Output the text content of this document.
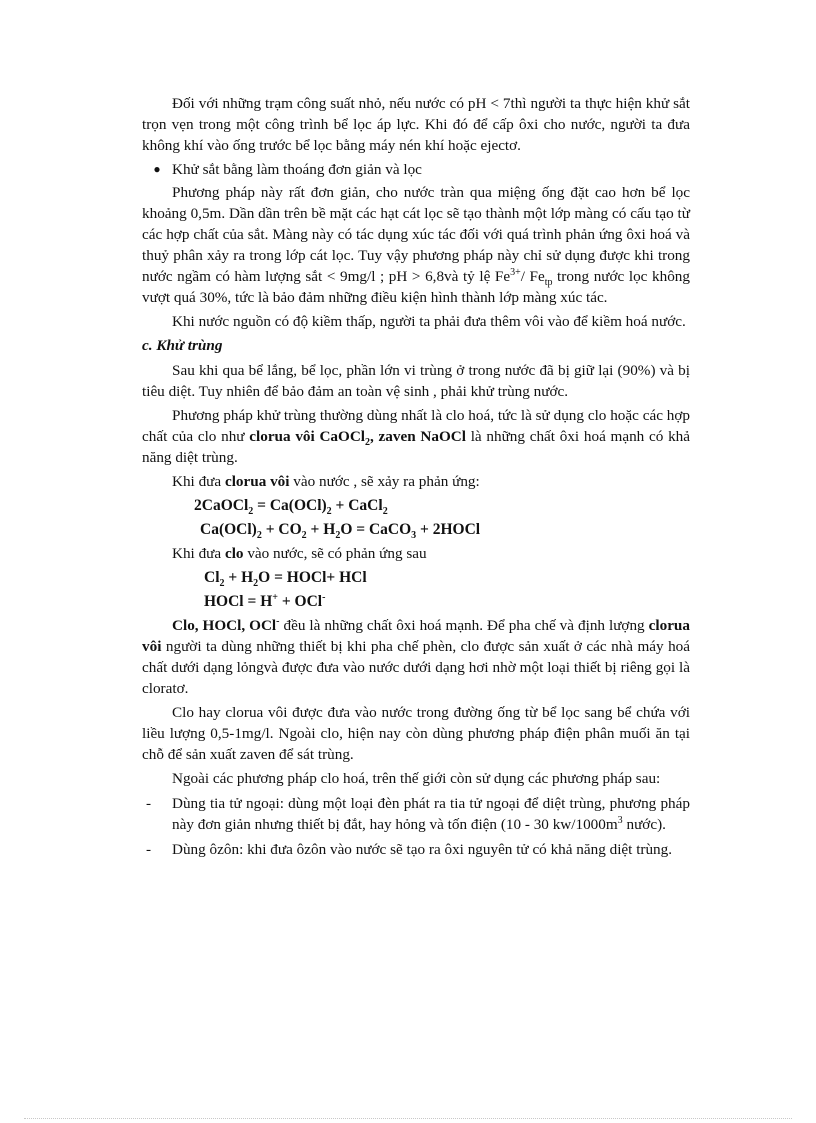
Đối với những trạm công suất nhỏ, nếu nước có pH < 7thì người ta thực hiện khử sắt trọn vẹn trong một công trình bể lọc áp lực. Khi đó để cấp ôxi cho nước, người ta đưa không khí vào ống trước bể lọc bằng máy nén khí hoặc ejectơ.

● Khử sắt bằng làm thoáng đơn giản và lọc

Phương pháp này rất đơn giản, cho nước tràn qua miệng ống đặt cao hơn bể lọc khoảng 0,5m. Dần dần trên bề mặt các hạt cát lọc sẽ tạo thành một lớp màng có cấu tạo từ các hợp chất của sắt. Màng này có tác dụng xúc tác đối với quá trình phản ứng ôxi hoá và thuỷ phân xảy ra trong lớp cát lọc. Tuy vậy phương pháp này chỉ sử dụng được khi trong nước ngầm có hàm lượng sắt < 9mg/l ; pH > 6,8và tỷ lệ $Fe^{3+}/$ $Fe_{tp}$ trong nước lọc không vượt quá 30%, tức là bảo đảm những điều kiện hình thành lớp màng xúc tác.

Khi nước nguồn có độ kiềm thấp, người ta phải đưa thêm vôi vào để kiềm hoá nước.

c. Khử trùng

Sau khi qua bể lắng, bể lọc, phần lớn vi trùng ở trong nước đã bị giữ lại (90%) và bị tiêu diệt. Tuy nhiên để bảo đảm an toàn vệ sinh , phải khử trùng nước.

Phương pháp khử trùng thường dùng nhất là clo hoá, tức là sử dụng clo hoặc các hợp chất của clo như clorua vôi CaOCl$_2$, zaven NaOCl là những chất ôxi hoá mạnh có khả năng diệt trùng.

Khi đưa clorua vôi vào nước , sẽ xảy ra phản ứng:
2CaOCl$_2$ = $Ca(OCl)_2$ + CaCl$_2$
$Ca(OCl)_2 + CO_2 + H_2O$ = CaCO$_3$ + 2HOCl
Khi đưa clo vào nước, sẽ có phản ứng sau
$Cl_2 + H_2O$ = HOCl+ HCl
HOCl = H+ + OCl-

Clo, HOCl, OCl- đều là những chất ôxi hoá mạnh. Để pha chế và định lượng clorua vôi người ta dùng những thiết bị khi pha chế phèn, clo được sản xuất ở các nhà máy hoá chất dưới dạng lỏngvà được đưa vào nước dưới dạng hơi nhờ một loại thiết bị riêng gọi là cloratơ.

Clo hay clorua vôi được đưa vào nước trong đường ống từ bể lọc sang bể chứa với liều lượng 0,5-1mg/l. Ngoài clo, hiện nay còn dùng phương pháp điện phân muối ăn tại chỗ để sản xuất zaven để sát trùng.

Ngoài các phương pháp clo hoá, trên thế giới còn sử dụng các phương pháp sau:

-	Dùng tia tử ngoại: dùng một loại đèn phát ra tia tử ngoại để diệt trùng, phương pháp này đơn giản nhưng thiết bị đắt, hay hỏng và tốn điện (10 - 30 $kw/1000m^3$ nước).
-	Dùng ôzôn: khi đưa ôzôn vào nước sẽ tạo ra ôxi nguyên tử có khả năng diệt trùng.
